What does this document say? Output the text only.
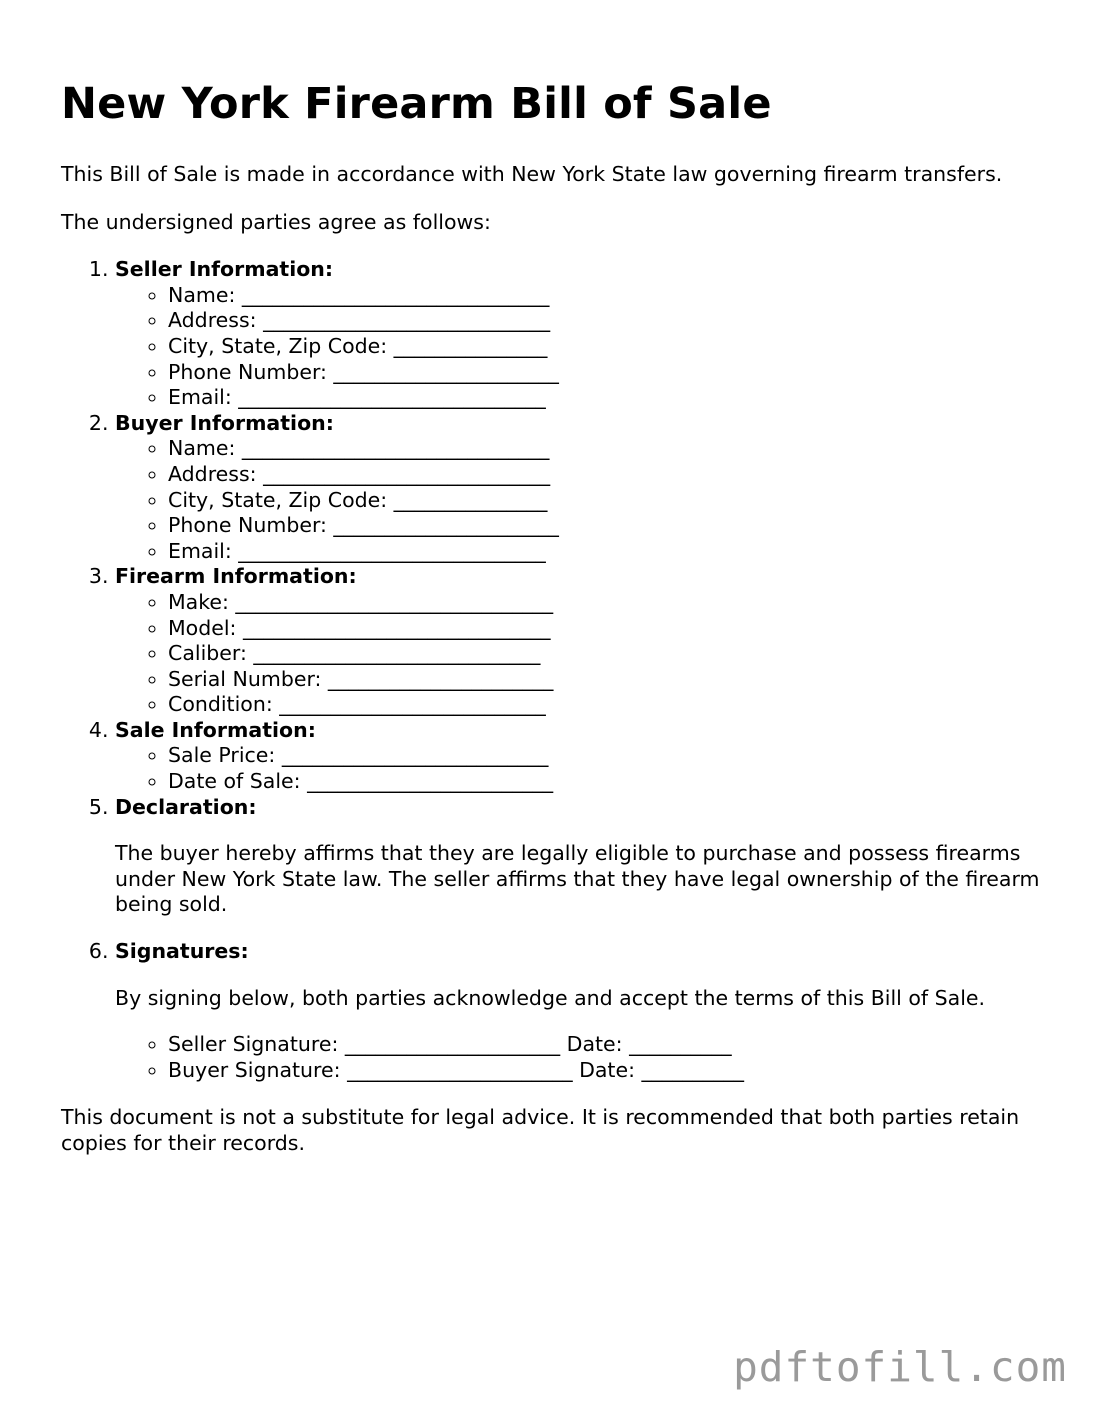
New York Firearm Bill of Sale

This Bill of Sale is made in accordance with New York State law governing firearm transfers.

The undersigned parties agree as follows:

1. Seller Information:
◦ Name: ______________________________
◦ Address: ____________________________
◦ City, State, Zip Code: _______________
◦ Phone Number: ______________________
◦ Email: ______________________________
2. Buyer Information:
◦ Name: ______________________________
◦ Address: ____________________________
◦ City, State, Zip Code: _______________
◦ Phone Number: ______________________
◦ Email: ______________________________
3. Firearm Information:
◦ Make: _______________________________
◦ Model: ______________________________
◦ Caliber: ____________________________
◦ Serial Number: ______________________
◦ Condition: __________________________
4. Sale Information:
◦ Sale Price: __________________________
◦ Date of Sale: ________________________
5. Declaration:
The buyer hereby affirms that they are legally eligible to purchase and possess firearms under New York State law. The seller affirms that they have legal ownership of the firearm being sold.
6. Signatures:
By signing below, both parties acknowledge and accept the terms of this Bill of Sale.
◦ Seller Signature: _____________________ Date: __________
◦ Buyer Signature: ______________________ Date: __________

This document is not a substitute for legal advice. It is recommended that both parties retain copies for their records.

pdftofill.com
